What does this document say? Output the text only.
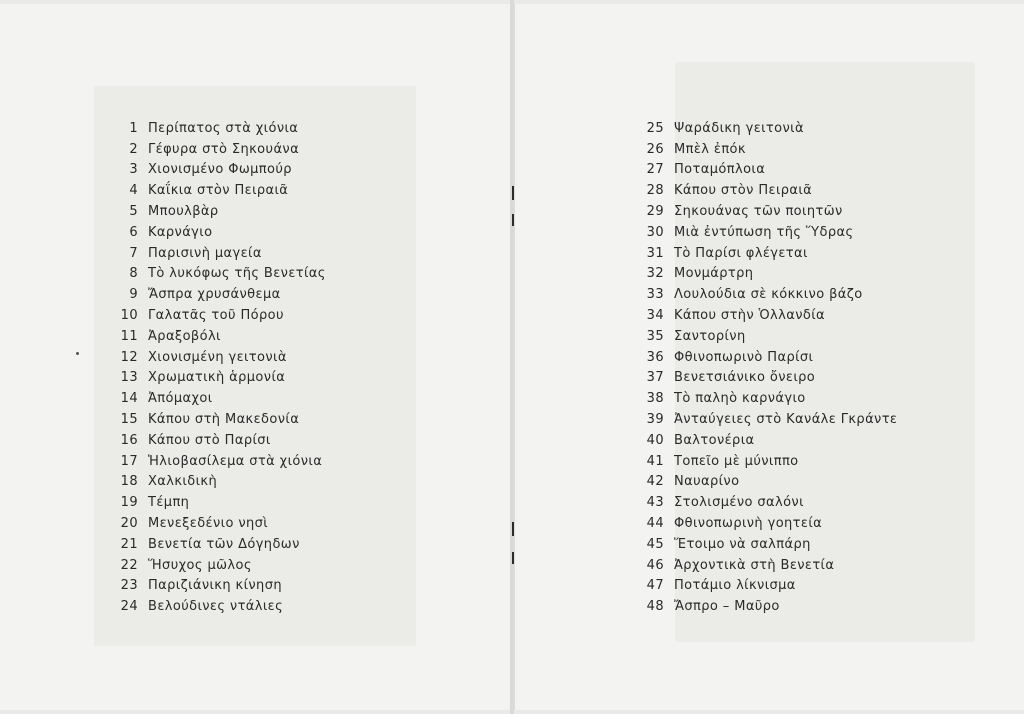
1 Περίπατος στὰ χιόνια
2 Γέφυρα στὸ Σηκουάνα
3 Χιονισμένο Φωμπούρ
4 Καΐκια στὸν Πειραιᾶ
5 Μπουλβὰρ
6 Καρνάγιο
7 Παρισινὴ μαγεία
8 Τὸ λυκόφως τῆς Βενετίας
9 Ἄσπρα χρυσάνθεμα
10 Γαλατᾶς τοῦ Πόρου
11 Ἀραξοβόλι
12 Χιονισμένη γειτονιὰ
13 Χρωματικὴ ἁρμονία
14 Ἀπόμαχοι
15 Κάπου στὴ Μακεδονία
16 Κάπου στὸ Παρίσι
17 Ἡλιοβασίλεμα στὰ χιόνια
18 Χαλκιδικὴ
19 Τέμπη
20 Μενεξεδένιο νησὶ
21 Βενετία τῶν Δόγηδων
22 Ἥσυχος μῶλος
23 Παριζιάνικη κίνηση
24 Βελούδινες ντάλιες
25 Ψαράδικη γειτονιὰ
26 Μπὲλ ἐπόκ
27 Ποταμόπλοια
28 Κάπου στὸν Πειραιᾶ
29 Σηκουάνας τῶν ποιητῶν
30 Μιὰ ἐντύπωση τῆς Ὕδρας
31 Τὸ Παρίσι φλέγεται
32 Μονμάρτρη
33 Λουλούδια σὲ κόκκινο βάζο
34 Κάπου στὴν Ὁλλανδία
35 Σαντορίνη
36 Φθινοπωρινὸ Παρίσι
37 Βενετσιάνικο ὄνειρο
38 Τὸ παληὸ καρνάγιο
39 Ἀνταύγειες στὸ Κανάλε Γκράντε
40 Βαλτονέρια
41 Τοπεῖο μὲ μύνιππο
42 Ναυαρίνο
43 Στολισμένο σαλόνι
44 Φθινοπωρινὴ γοητεία
45 Ἕτοιμο νὰ σαλπάρη
46 Ἀρχοντικὰ στὴ Βενετία
47 Ποτάμιο λίκνισμα
48 Ἄσπρο – Μαῦρο
